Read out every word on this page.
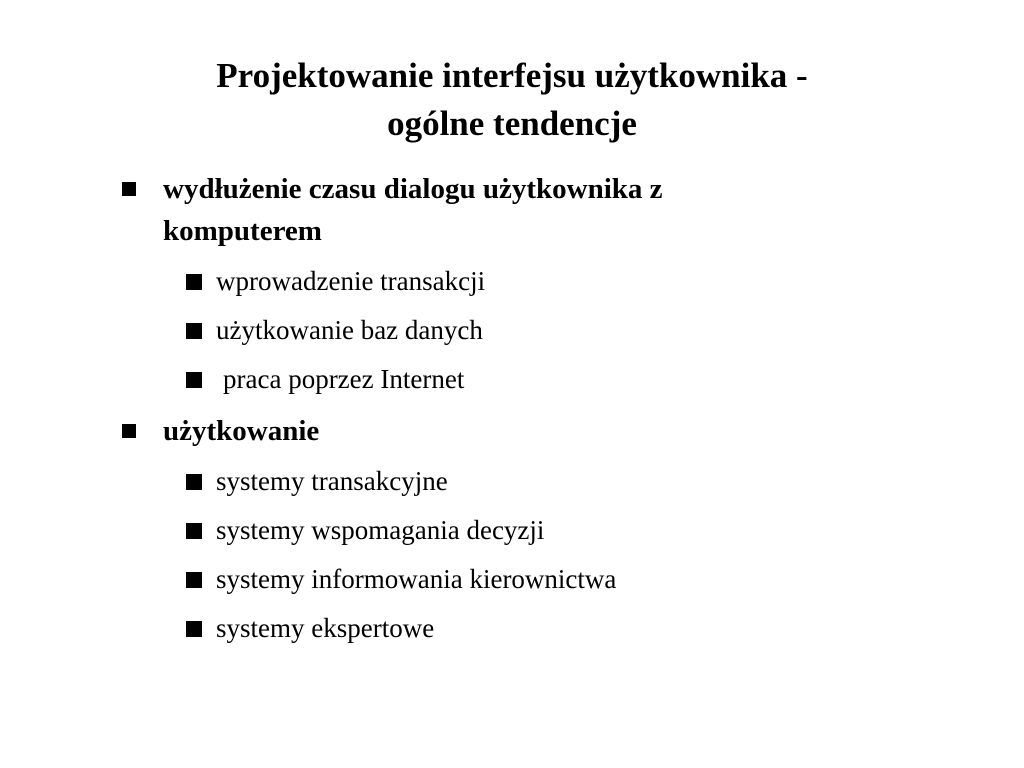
Projektowanie interfejsu użytkownika -
ogólne tendencje
wydłużenie czasu dialogu użytkownika z komputerem
wprowadzenie transakcji
użytkowanie baz danych
praca poprzez Internet
użytkowanie
systemy transakcyjne
systemy wspomagania decyzji
systemy informowania kierownictwa
systemy ekspertowe
